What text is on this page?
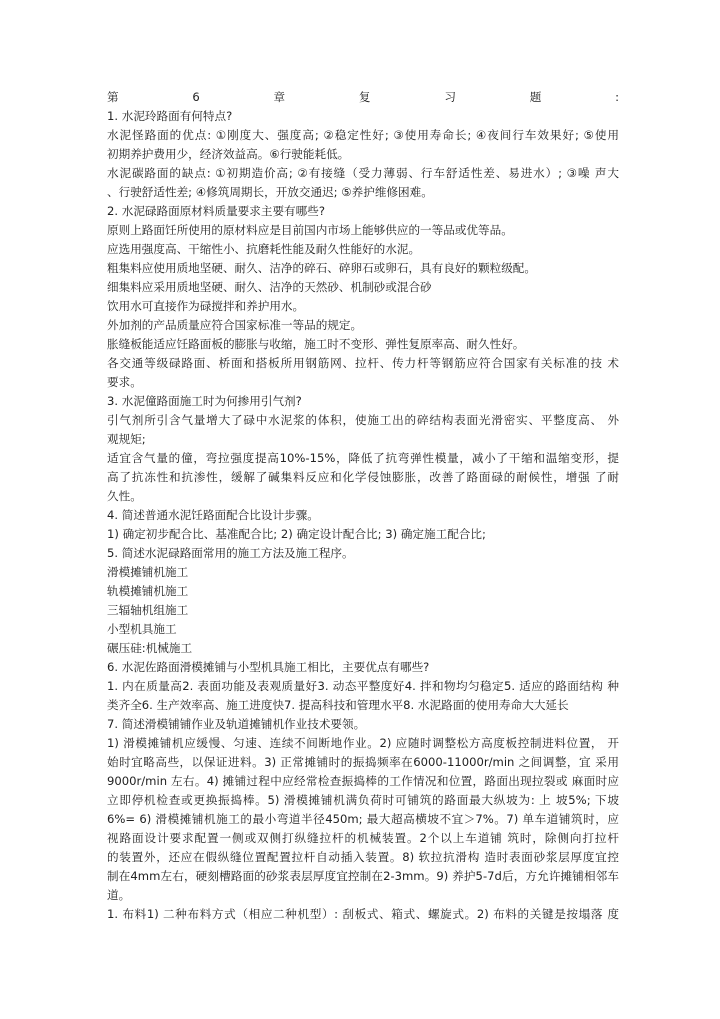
第6章复习题:
1. 水泥玲路面有何特点?
水泥怪路面的优点: ①刚度大、强度高; ②稳定性好; ③使用寿命长; ④夜间行车效果好; ⑤使用
初期养护费用少，经济效益高。⑥行驶能耗低。
水泥碳路面的缺点: ①初期造价高; ②有接缝（受力薄弱、行车舒适性差、易进水）; ③噪 声大
、行驶舒适性差; ④修筑周期长，开放交通迟; ⑤养护维修困难。
2. 水泥碌路面原材料质量要求主要有哪些?
原则上路面饪所使用的原材料应是目前国内市场上能够供应的一等品或优等品。
应选用强度高、干缩性小、抗磨耗性能及耐久性能好的水泥。
粗集料应使用质地坚硬、耐久、洁净的碎石、碎卵石或卵石，具有良好的颗粒级配。
细集料应采用质地坚硬、耐久、洁净的天然砂、机制砂或混合砂
饮用水可直接作为碌搅拌和养护用水。
外加剂的产品质量应符合国家标准一等品的规定。
胀缝板能适应饪路面板的膨胀与收缩，施工时不变形、弹性复原率高、耐久性好。
各交通等级碌路面、桥面和搭板所用钢筋网、拉杆、传力杆等钢筋应符合国家有关标准的技 术
要求。
3. 水泥僮路面施工时为何掺用引气剂?
引气剂所引含气量增大了碌中水泥浆的体积，使施工出的碎结构表面光滑密实、平整度高、 外
观规矩;
适宜含气量的僮，弯拉强度提高10%-15%，降低了抗弯弹性模量，减小了干缩和温缩变形，提
高了抗冻性和抗渗性，缓解了碱集料反应和化学侵蚀膨胀，改善了路面碌的耐候性，增强 了耐
久性。
4. 简述普通水泥饪路面配合比设计步骤。
1) 确定初步配合比、基准配合比; 2) 确定设计配合比; 3) 确定施工配合比;
5. 简述水泥碌路面常用的施工方法及施工程序。
滑模摊铺机施工
轨模摊铺机施工
三辐轴机组施工
小型机具施工
碾压硅:机械施工
6. 水泥佐路面滑模摊铺与小型机具施工相比，主要优点有哪些?
1. 内在质量高2. 表面功能及表观质量好3. 动态平整度好4. 拌和物均匀稳定5. 适应的路面结构 种
类齐全6. 生产效率高、施工进度快7. 提高科技和管理水平8. 水泥路面的使用寿命大大延长
7. 简述滑模铺铺作业及轨道摊铺机作业技术要领。
1) 滑模摊铺机应缓慢、匀速、连续不间断地作业。2) 应随时调整松方高度板控制进料位置， 开
始时宜略高些，以保证进料。3) 正常摊铺时的振捣频率在6000-11000r/min 之间调整，宜 采用
9000r/min 左右。4) 摊铺过程中应经常检查振捣棒的工作情况和位置，路面出现拉裂或 麻面时应
立即停机检查或更换振捣棒。5) 滑模摊铺机满负荷时可铺筑的路面最大纵坡为: 上 坡5%; 下坡
6%= 6) 滑模摊铺机施工的最小弯道半径450m; 最大超高横坡不宜＞7%。7) 单车道铺筑时，应
视路面设计要求配置一侧或双侧打纵缝拉杆的机械装置。2个以上车道铺 筑时，除侧向打拉杆
的装置外，还应在假纵缝位置配置拉杆自动插入装置。8) 软拉抗滑构 造时表面砂浆层厚度宜控
制在4mm左右，硬刻槽路面的砂浆表层厚度宜控制在2-3mm。9) 养护5-7d后，方允许摊铺相邻车
道。
1. 布料1) 二种布料方式（相应二种机型）: 刮板式、箱式、螺旋式。2) 布料的关键是按塌落 度
